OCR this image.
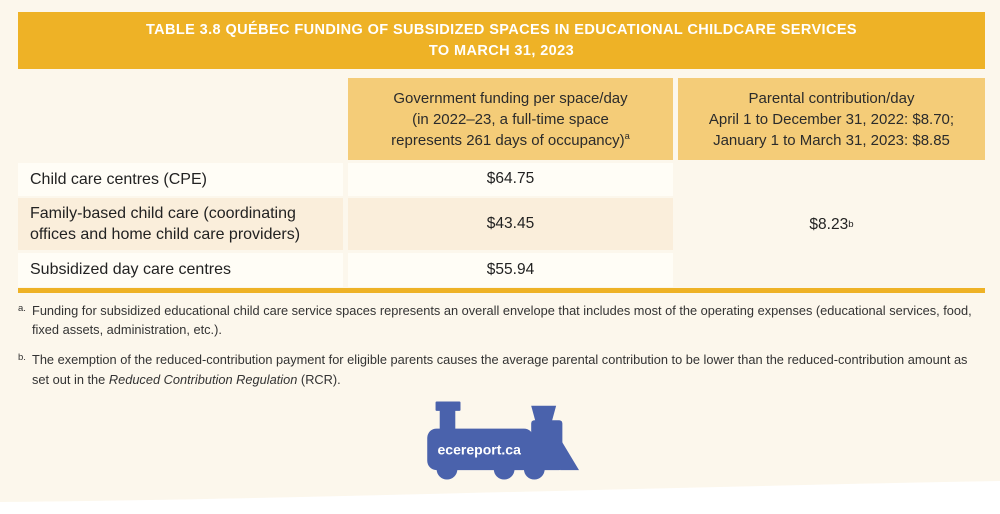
TABLE 3.8 QUÉBEC FUNDING OF SUBSIDIZED SPACES IN EDUCATIONAL CHILDCARE SERVICES
TO MARCH 31, 2023
Government funding per space/day
(in 2022–23, a full-time space
represents 261 days of occupancy)$^a$
Parental contribution/day
April 1 to December 31, 2022: $8.70;
January 1 to March 31, 2023: $8.85
Child care centres (CPE)	$64.75
Family-based child care (coordinating offices and home child care providers)
$43.45
Subsidized day care centres	$55.94
$8.23 b
a. Funding for subsidized educational child care service spaces represents an overall envelope that includes most of the operating expenses (educational services, food, fixed assets, administration, etc.).
b. The exemption of the reduced-contribution payment for eligible parents causes the average parental contribution to be lower than the reduced-contribution amount as set out in the Reduced Contribution Regulation (RCR).
ecereport.ca
